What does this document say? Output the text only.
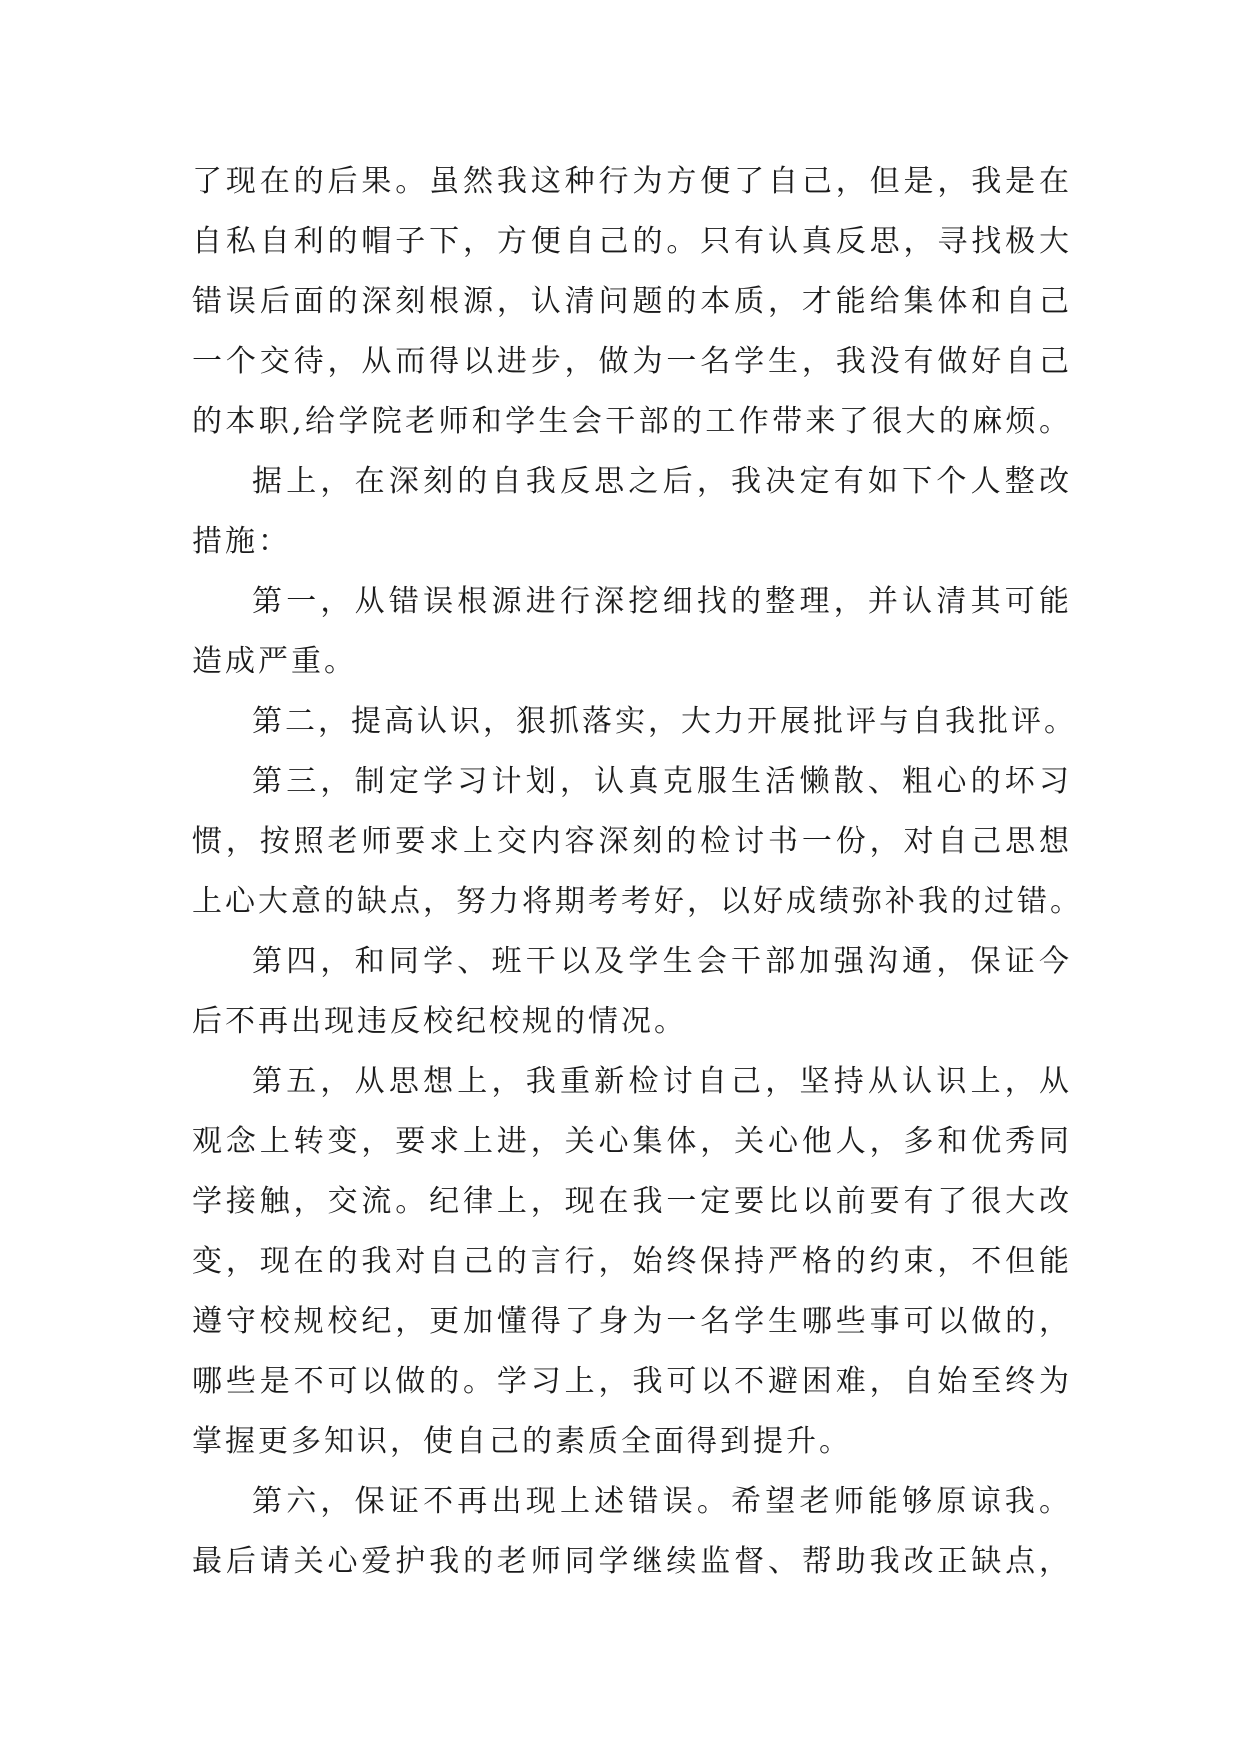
了现在的后果。虽然我这种行为方便了自己，但是，我是在
自私自利的帽子下，方便自己的。只有认真反思，寻找极大
错误后面的深刻根源，认清问题的本质，才能给集体和自己
一个交待，从而得以进步，做为一名学生，我没有做好自己
的本职,给学院老师和学生会干部的工作带来了很大的麻烦。

据上，在深刻的自我反思之后，我决定有如下个人整改
措施：

第一，从错误根源进行深挖细找的整理，并认清其可能
造成严重。

第二，提高认识，狠抓落实，大力开展批评与自我批评。

第三，制定学习计划，认真克服生活懒散、粗心的坏习
惯，按照老师要求上交内容深刻的检讨书一份，对自己思想
上心大意的缺点，努力将期考考好，以好成绩弥补我的过错。

第四，和同学、班干以及学生会干部加强沟通，保证今
后不再出现违反校纪校规的情况。

第五，从思想上，我重新检讨自己，坚持从认识上，从
观念上转变，要求上进，关心集体，关心他人，多和优秀同
学接触，交流。纪律上，现在我一定要比以前要有了很大改
变，现在的我对自己的言行，始终保持严格的约束，不但能
遵守校规校纪，更加懂得了身为一名学生哪些事可以做的，
哪些是不可以做的。学习上，我可以不避困难，自始至终为
掌握更多知识，使自己的素质全面得到提升。

第六，保证不再出现上述错误。希望老师能够原谅我。
最后请关心爱护我的老师同学继续监督、帮助我改正缺点，
